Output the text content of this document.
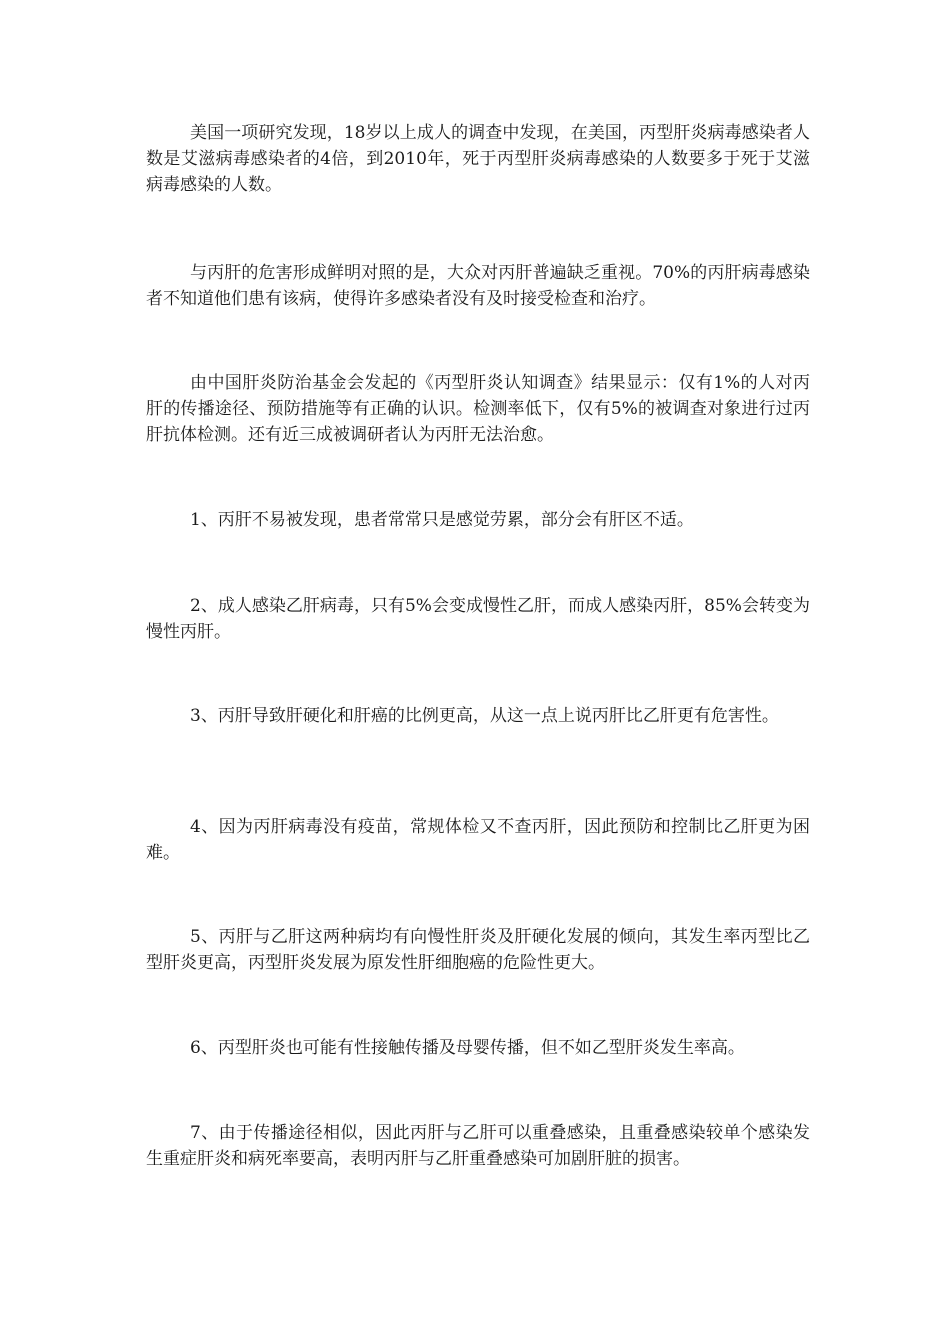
美国一项研究发现，18岁以上成人的调查中发现，在美国，丙型肝炎病毒感染者人数是艾滋病毒感染者的4倍，到2010年，死于丙型肝炎病毒感染的人数要多于死于艾滋病毒感染的人数。

与丙肝的危害形成鲜明对照的是，大众对丙肝普遍缺乏重视。70%的丙肝病毒感染者不知道他们患有该病，使得许多感染者没有及时接受检查和治疗。

由中国肝炎防治基金会发起的《丙型肝炎认知调查》结果显示：仅有1%的人对丙肝的传播途径、预防措施等有正确的认识。检测率低下，仅有5%的被调查对象进行过丙肝抗体检测。还有近三成被调研者认为丙肝无法治愈。

1、丙肝不易被发现，患者常常只是感觉劳累，部分会有肝区不适。

2、成人感染乙肝病毒，只有5%会变成慢性乙肝，而成人感染丙肝，85%会转变为慢性丙肝。

3、丙肝导致肝硬化和肝癌的比例更高，从这一点上说丙肝比乙肝更有危害性。

4、因为丙肝病毒没有疫苗，常规体检又不查丙肝，因此预防和控制比乙肝更为困难。

5、丙肝与乙肝这两种病均有向慢性肝炎及肝硬化发展的倾向，其发生率丙型比乙型肝炎更高，丙型肝炎发展为原发性肝细胞癌的危险性更大。

6、丙型肝炎也可能有性接触传播及母婴传播，但不如乙型肝炎发生率高。

7、由于传播途径相似，因此丙肝与乙肝可以重叠感染，且重叠感染较单个感染发生重症肝炎和病死率要高，表明丙肝与乙肝重叠感染可加剧肝脏的损害。
